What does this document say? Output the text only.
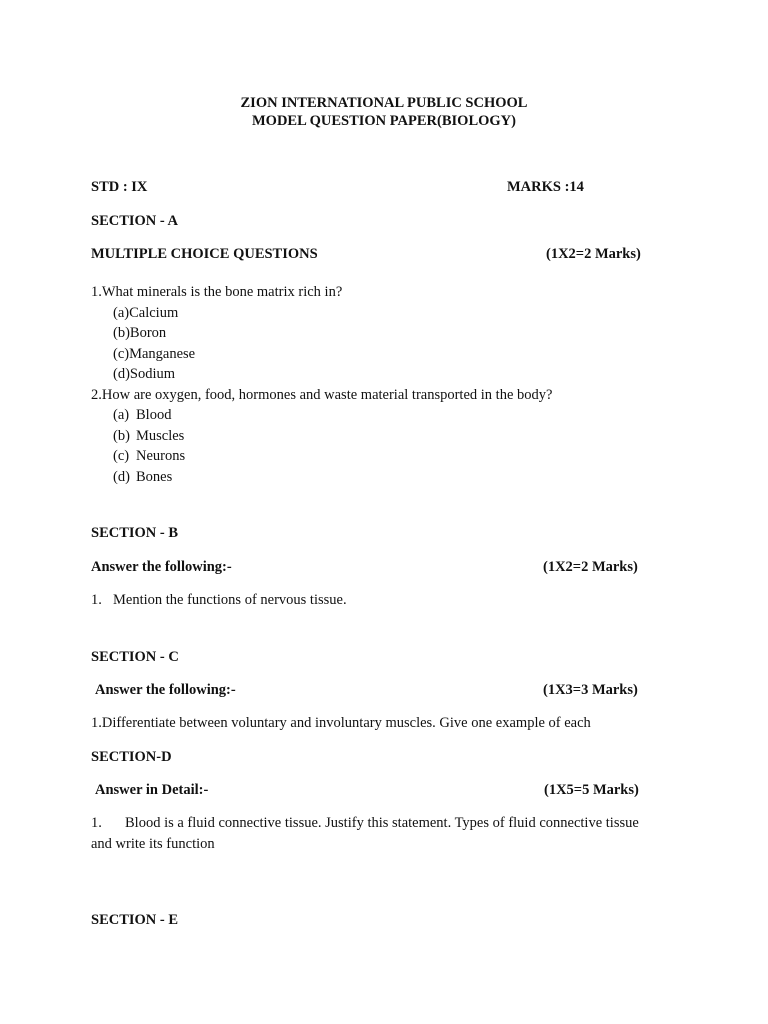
ZION INTERNATIONAL PUBLIC SCHOOL
MODEL QUESTION PAPER(BIOLOGY)
STD : IX	MARKS :14
SECTION - A
MULTIPLE CHOICE QUESTIONS	(1X2=2 Marks)
1.What minerals is the bone matrix rich in?
(a)Calcium
(b)Boron
(c)Manganese
(d)Sodium
2.How are oxygen, food, hormones and waste material transported in the body?
(a) Blood
(b) Muscles
(c) Neurons
(d) Bones
SECTION - B
Answer the following:-	(1X2=2 Marks)
1. Mention the functions of nervous tissue.
SECTION - C
Answer the following:-	(1X3=3 Marks)
1.Differentiate between voluntary and involuntary muscles. Give one example of each
SECTION-D
Answer in Detail:-	(1X5=5 Marks)
1. Blood is a fluid connective tissue. Justify this statement. Types of fluid connective tissue
and write its function
SECTION - E
